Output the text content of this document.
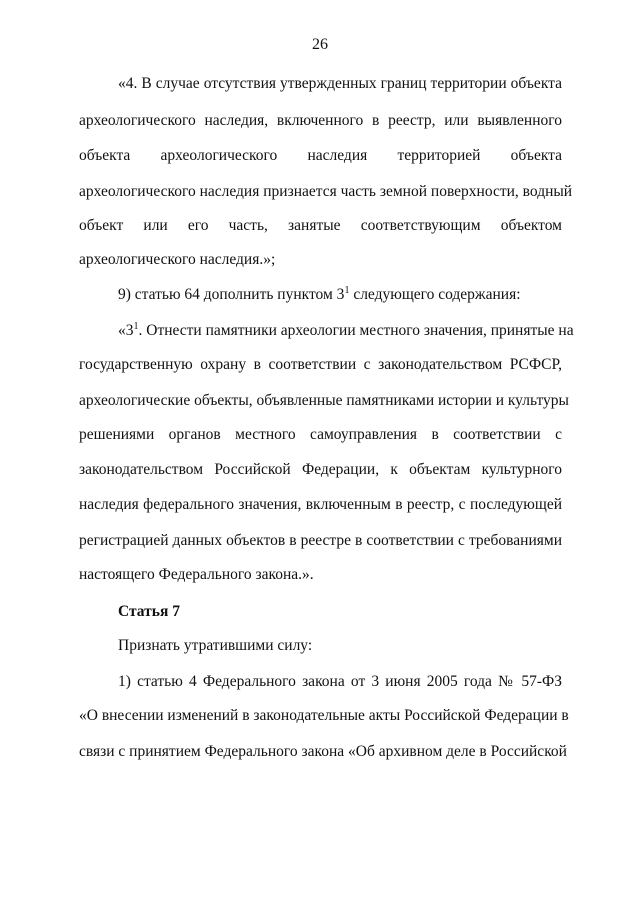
26
«4. В случае отсутствия утвержденных границ территории объекта
археологического наследия, включенного в реестр, или выявленного
объекта археологического наследия территорией объекта
археологического наследия признается часть земной поверхности, водный
объект или его часть, занятые соответствующим объектом
археологического наследия.»;
9) статью 64 дополнить пунктом $3^1$ следующего содержания:
«$3^1$. Отнести памятники археологии местного значения, принятые на
государственную охрану в соответствии с законодательством РСФСР,
археологические объекты, объявленные памятниками истории и культуры
решениями органов местного самоуправления в соответствии с
законодательством Российской Федерации, к объектам культурного
наследия федерального значения, включенным в реестр, с последующей
регистрацией данных объектов в реестре в соответствии с требованиями
настоящего Федерального закона.».
Статья 7
Признать утратившими силу:
1) статью 4 Федерального закона от 3 июня 2005 года № 57-ФЗ
«О внесении изменений в законодательные акты Российской Федерации в
связи с принятием Федерального закона «Об архивном деле в Российской
